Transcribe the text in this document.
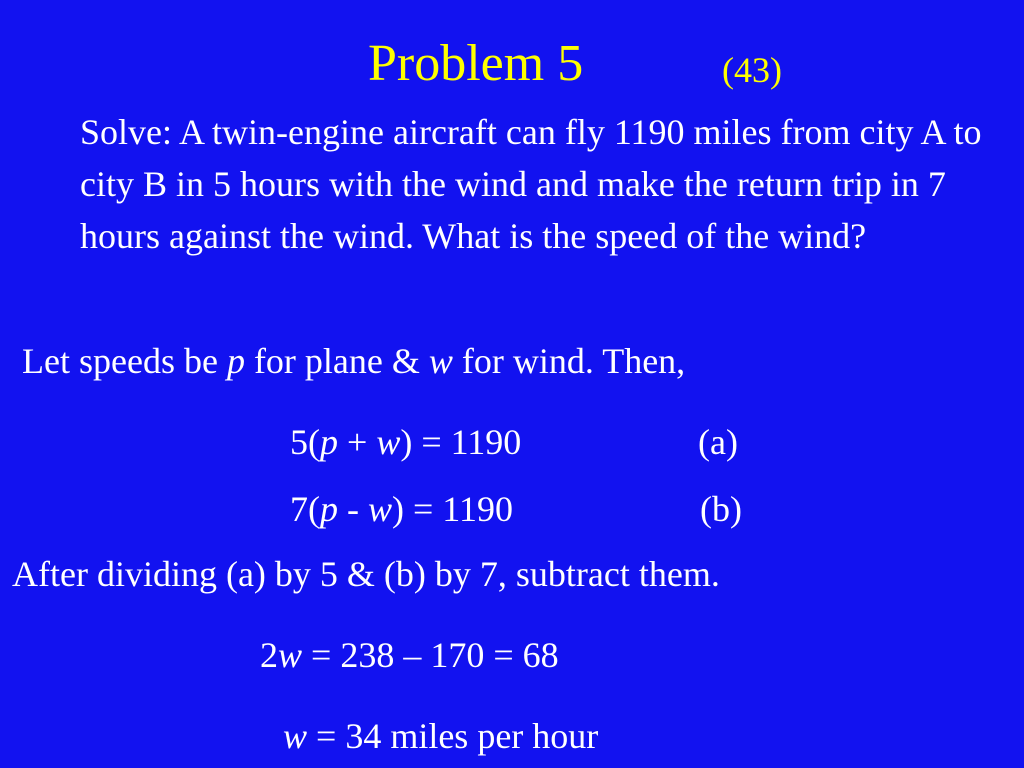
Problem 5	(43)
Solve: A twin-engine aircraft can fly 1190 miles from city A to city B in 5 hours with the wind and make the return trip in 7 hours against the wind. What is the speed of the wind?
Let speeds be p for plane & w for wind. Then,
5(p + w) = 1190	(a)
7(p - w) = 1190	(b)
After dividing (a) by 5 & (b) by 7, subtract them.
2w = 238 – 170 = 68
w = 34 miles per hour
